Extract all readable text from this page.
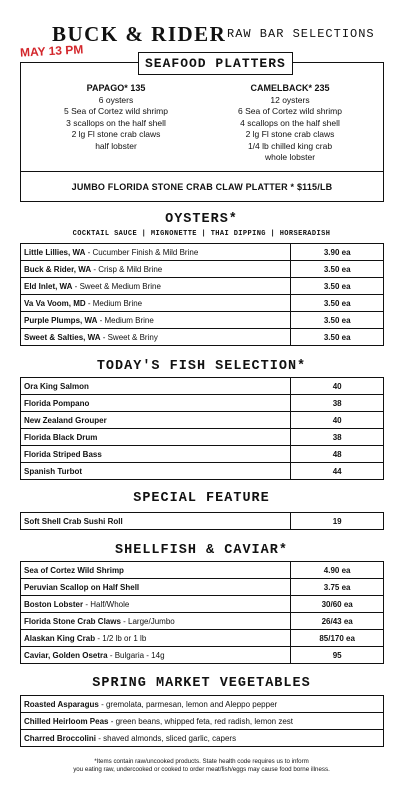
BUCK & RIDER RAW BAR SELECTIONS
MAY 13 PM
SEAFOOD PLATTERS
PAPAGO* 135
6 oysters
5 Sea of Cortez wild shrimp
3 scallops on the half shell
2 lg Fl stone crab claws
half lobster
CAMELBACK* 235
12 oysters
6 Sea of Cortez wild shrimp
4 scallops on the half shell
2 lg Fl stone crab claws
1/4 lb chilled king crab
whole lobster
JUMBO FLORIDA STONE CRAB CLAW PLATTER * $115/LB
OYSTERS*
COCKTAIL SAUCE | MIGNONETTE | THAI DIPPING | HORSERADISH
Little Lillies, WA - Cucumber Finish & Mild Brine	3.90 ea
Buck & Rider, WA - Crisp & Mild Brine	3.50 ea
Eld Inlet, WA - Sweet & Medium Brine	3.50 ea
Va Va Voom, MD - Medium Brine	3.50 ea
Purple Plumps, WA - Medium Brine	3.50 ea
Sweet & Salties, WA - Sweet & Briny	3.50 ea
TODAY'S FISH SELECTION*
Ora King Salmon	40
Florida Pompano	38
New Zealand Grouper	40
Florida Black Drum	38
Florida Striped Bass	48
Spanish Turbot	44
SPECIAL FEATURE
Soft Shell Crab Sushi Roll	19
SHELLFISH & CAVIAR*
Sea of Cortez Wild Shrimp	4.90 ea
Peruvian Scallop on Half Shell	3.75 ea
Boston Lobster - Half/Whole	30/60 ea
Florida Stone Crab Claws - Large/Jumbo	26/43 ea
Alaskan King Crab - 1/2 lb or 1 lb	85/170 ea
Caviar, Golden Osetra - Bulgaria - 14g	95
SPRING MARKET VEGETABLES
Roasted Asparagus - gremolata, parmesan, lemon and Aleppo pepper
Chilled Heirloom Peas - green beans, whipped feta, red radish, lemon zest
Charred Broccolini - shaved almonds, sliced garlic, capers
*Items contain raw/uncooked products. State health code requires us to inform
you eating raw, undercooked or cooked to order meat/fish/eggs may cause food borne illness.
